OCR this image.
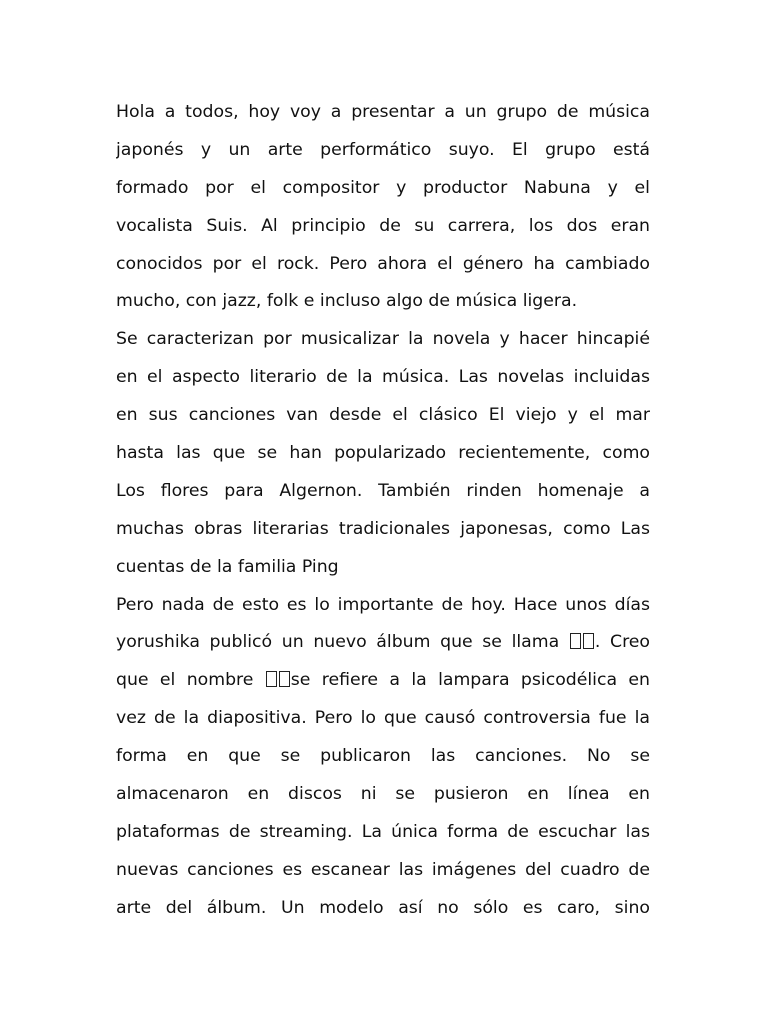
Hola a todos, hoy voy a presentar a un grupo de música
japonés y un arte performático suyo. El grupo está
formado por el compositor y productor Nabuna y el
vocalista Suis. Al principio de su carrera, los dos eran
conocidos por el rock. Pero ahora el género ha cambiado
mucho, con jazz, folk e incluso algo de música ligera.
Se caracterizan por musicalizar la novela y hacer hincapié
en el aspecto literario de la música. Las novelas incluidas
en sus canciones van desde el clásico El viejo y el mar
hasta las que se han popularizado recientemente, como
Los flores para Algernon. También rinden homenaje a
muchas obras literarias tradicionales japonesas, como Las
cuentas de la familia Ping
Pero nada de esto es lo importante de hoy. Hace unos días
yorushika publicó un nuevo álbum que se llama . Creo
que el nombre se refiere a la lampara psicodélica en
vez de la diapositiva. Pero lo que causó controversia fue la
forma en que se publicaron las canciones. No se
almacenaron en discos ni se pusieron en línea en
plataformas de streaming. La única forma de escuchar las
nuevas canciones es escanear las imágenes del cuadro de
arte del álbum. Un modelo así no sólo es caro, sino
